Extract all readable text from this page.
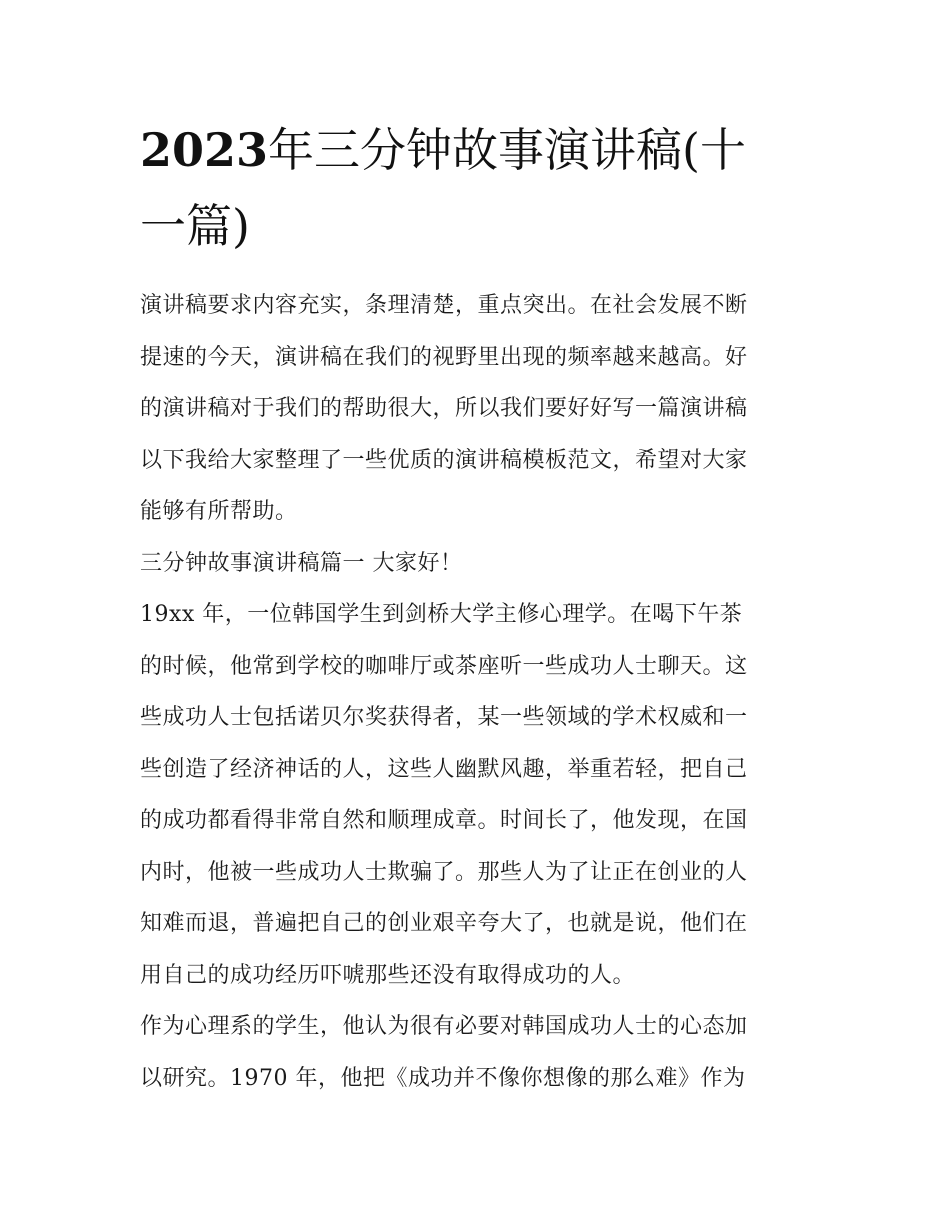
2023年三分钟故事演讲稿(十
一篇)

演讲稿要求内容充实，条理清楚，重点突出。在社会发展不断
提速的今天，演讲稿在我们的视野里出现的频率越来越高。好
的演讲稿对于我们的帮助很大，所以我们要好好写一篇演讲稿
以下我给大家整理了一些优质的演讲稿模板范文，希望对大家
能够有所帮助。

三分钟故事演讲稿篇一 大家好！

19xx 年，一位韩国学生到剑桥大学主修心理学。在喝下午茶
的时候，他常到学校的咖啡厅或茶座听一些成功人士聊天。这
些成功人士包括诺贝尔奖获得者，某一些领域的学术权威和一
些创造了经济神话的人，这些人幽默风趣，举重若轻，把自己
的成功都看得非常自然和顺理成章。时间长了，他发现，在国
内时，他被一些成功人士欺骗了。那些人为了让正在创业的人
知难而退，普遍把自己的创业艰辛夸大了，也就是说，他们在
用自己的成功经历吓唬那些还没有取得成功的人。

作为心理系的学生，他认为很有必要对韩国成功人士的心态加
以研究。1970 年，他把《成功并不像你想像的那么难》作为
